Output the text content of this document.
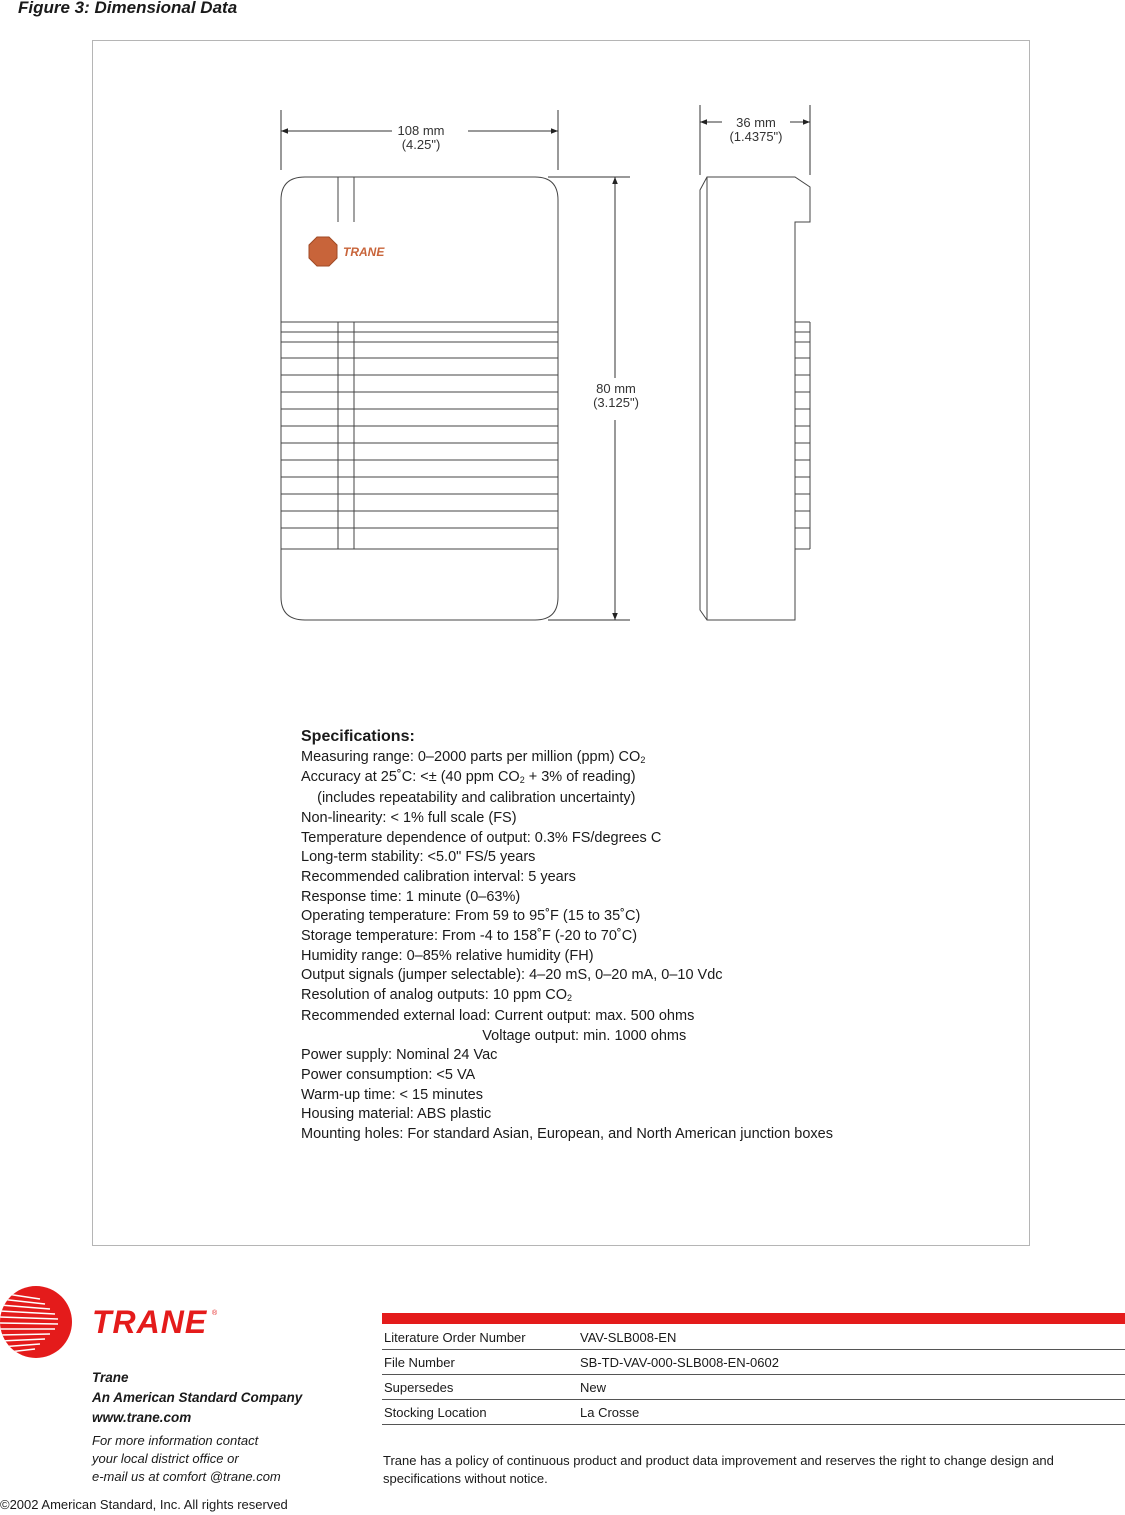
Figure 3: Dimensional Data
TRANE
108 mm
(4.25")
36 mm
(1.4375")
80 mm
(3.125")
Specifications:
Measuring range: 0–2000 parts per million (ppm) $CO_2$
Accuracy at 25˚C: <± (40 ppm $CO_2 + 3\%$ of reading)
(includes repeatability and calibration uncertainty)
Non-linearity: < 1% full scale (FS)
Temperature dependence of output: 0.3% FS/degrees C
Long-term stability: <5.0" FS/5 years
Recommended calibration interval: 5 years
Response time: 1 minute (0–63%)
Operating temperature: From 59 to 95˚F (15 to 35˚C)
Storage temperature: From -4 to 158˚F (-20 to 70˚C)
Humidity range: 0–85% relative humidity (FH)
Output signals (jumper selectable): 4–20 mS, 0–20 mA, 0–10 Vdc
Resolution of analog outputs: 10 ppm $CO_2$
Recommended external load: Current output: max. 500 ohms
Voltage output: min. 1000 ohms
Power supply: Nominal 24 Vac
Power consumption: <5 VA
Warm-up time: < 15 minutes
Housing material: ABS plastic
Mounting holes: For standard Asian, European, and North American junction boxes
TRANE ®
Trane
An American Standard Company
www.trane.com
For more information contact
your local district office or
e-mail us at comfort @trane.com
©2002 American Standard, Inc. All rights reserved
Literature Order Number	VAV-SLB008-EN
File Number	SB-TD-VAV-000-SLB008-EN-0602
Supersedes	New
Stocking Location	La Crosse
Trane has a policy of continuous product and product data improvement and reserves the right to change design and specifications without notice.
